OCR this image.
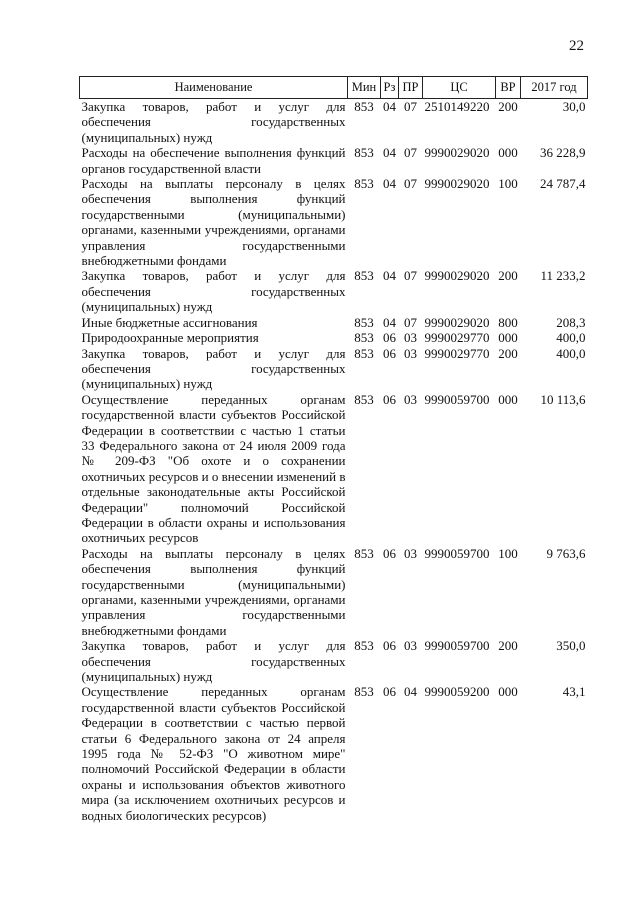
22
Наименование	Мин	Рз	ПР	ЦС	ВР	2017 год
Закупка товаров, работ и услуг для обеспечения государственных (муниципальных) нужд	853	04	07	2510149220	200	30,0
Расходы на обеспечение выполнения функций органов государственной власти	853	04	07	9990029020	000	36 228,9
Расходы на выплаты персоналу в целях обеспечения выполнения функций государственными (муниципальными) органами, казенными учреждениями, органами управления государственными внебюджетными фондами	853	04	07	9990029020	100	24 787,4
Закупка товаров, работ и услуг для обеспечения государственных (муниципальных) нужд	853	04	07	9990029020	200	11 233,2
Иные бюджетные ассигнования	853	04	07	9990029020	800	208,3
Природоохранные мероприятия	853	06	03	9990029770	000	400,0
Закупка товаров, работ и услуг для обеспечения государственных (муниципальных) нужд	853	06	03	9990029770	200	400,0
Осуществление переданных органам государственной власти субъектов Российской Федерации в соответствии с частью 1 статьи 33 Федерального закона от 24 июля 2009 года № 209-ФЗ "Об охоте и о сохранении охотничьих ресурсов и о внесении изменений в отдельные законодательные акты Российской Федерации" полномочий Российской Федерации в области охраны и использования охотничьих ресурсов	853	06	03	9990059700	000	10 113,6
Расходы на выплаты персоналу в целях обеспечения выполнения функций государственными (муниципальными) органами, казенными учреждениями, органами управления государственными внебюджетными фондами	853	06	03	9990059700	100	9 763,6
Закупка товаров, работ и услуг для обеспечения государственных (муниципальных) нужд	853	06	03	9990059700	200	350,0
Осуществление переданных органам государственной власти субъектов Российской Федерации в соответствии с частью первой статьи 6 Федерального закона от 24 апреля 1995 года № 52-ФЗ "О животном мире" полномочий Российской Федерации в области охраны и использования объектов животного мира (за исключением охотничьих ресурсов и водных биологических ресурсов)	853	06	04	9990059200	000	43,1
